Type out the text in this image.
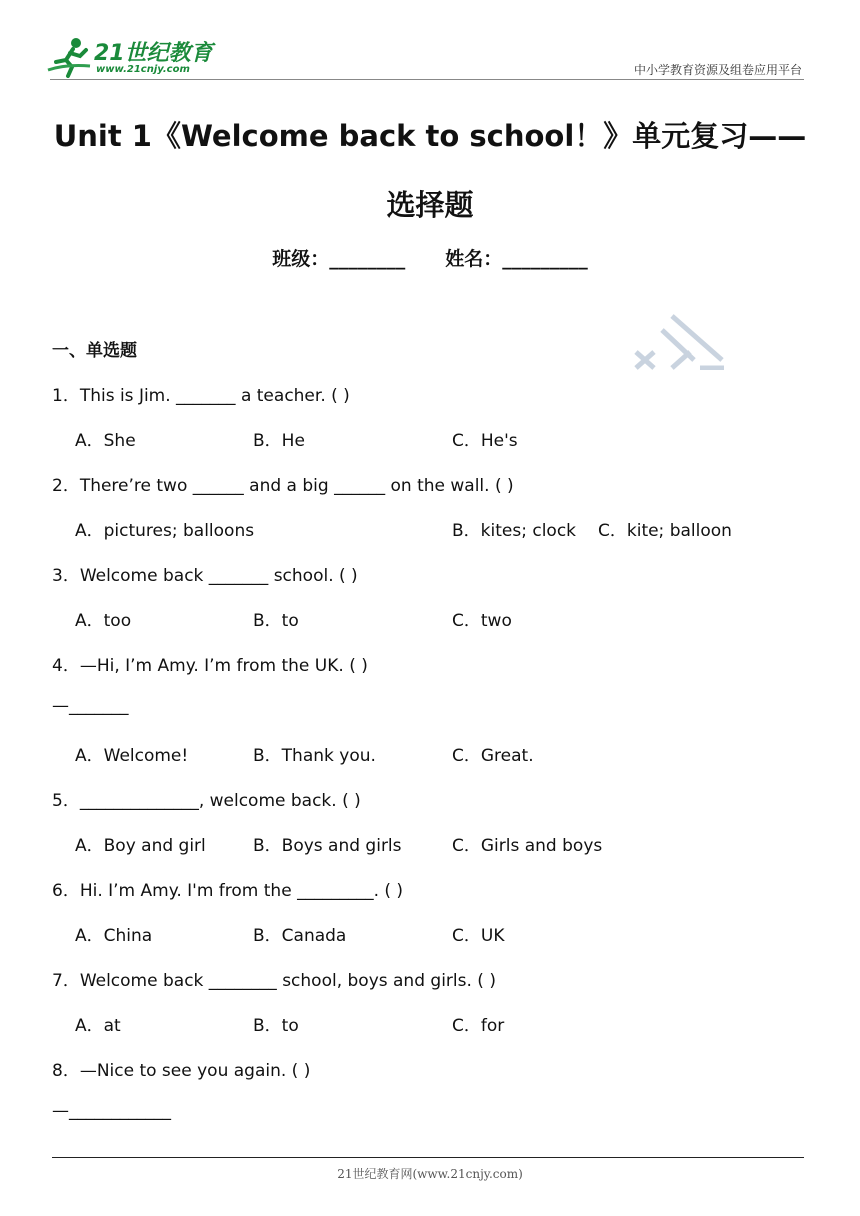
21世纪教育
www.21cnjy.com	中小学教育资源及组卷应用平台
Unit 1《Welcome back to school！》单元复习——
选择题
班级：________ 姓名：_________
一、单选题
1．This is Jim. _______ a teacher. ( )
A．She	B．He	C．He's
2．There’re two ______ and a big ______ on the wall. ( )
A．pictures; balloons	B．kites; clock C．kite; balloon
3．Welcome back _______ school. ( )
A．too	B．to	C．two
4．—Hi, I’m Amy. I’m from the UK. ( )
—_______
A．Welcome!	B．Thank you.	C．Great.
5．______________, welcome back. ( )
A．Boy and girl	B．Boys and girls	C．Girls and boys
6．Hi. I’m Amy. I'm from the _________. ( )
A．China	B．Canada	C．UK
7．Welcome back ________ school, boys and girls. ( )
A．at	B．to	C．for
8．—Nice to see you again. ( )
—____________
21世纪教育网(www.21cnjy.com)
